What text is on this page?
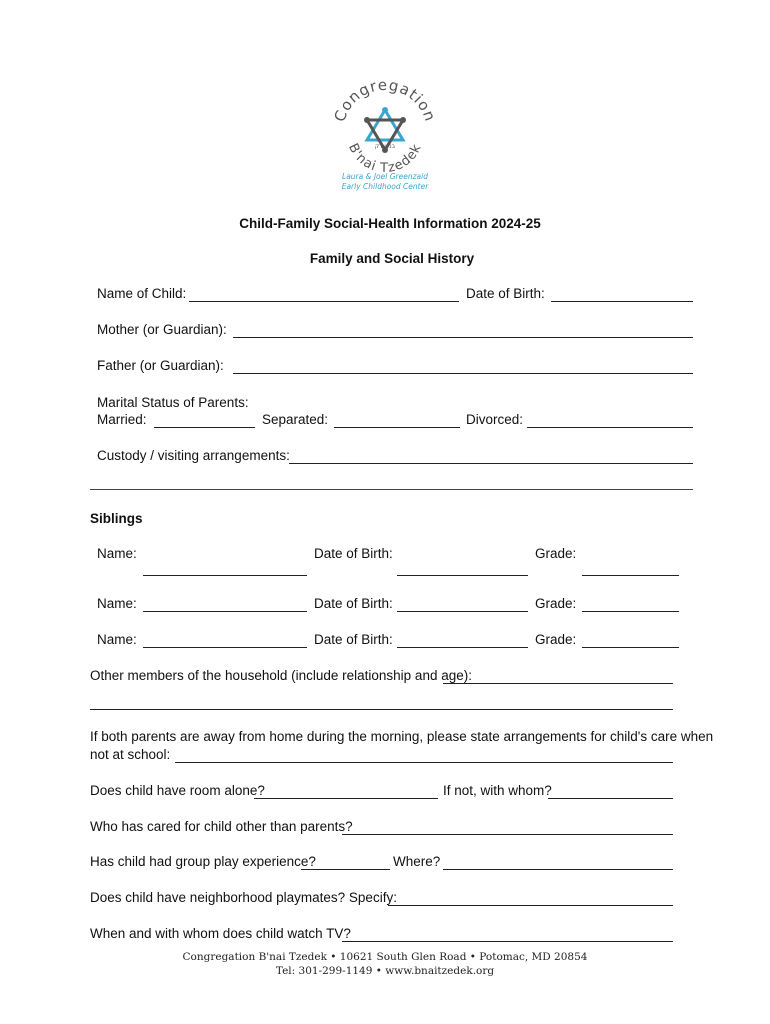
Congregation
B'nai Tzedek
בני צדק
Laura & Joel Greenzaid
Early Childhood Center
Child-Family Social-Health Information 2024-25
Family and Social History
Name of Child:	Date of Birth:
Mother (or Guardian):
Father (or Guardian):
Marital Status of Parents:
Married:	Separated:	Divorced:
Custody / visiting arrangements:
Siblings
Name:	Date of Birth:	Grade:
Name:	Date of Birth:	Grade:
Name:	Date of Birth:	Grade:
Other members of the household (include relationship and age):
If both parents are away from home during the morning, please state arrangements for child's care when
not at school:
Does child have room alone?	If not, with whom?
Who has cared for child other than parents?
Has child had group play experience?	Where?
Does child have neighborhood playmates? Specify:
When and with whom does child watch TV?
Congregation B'nai Tzedek • 10621 South Glen Road • Potomac, MD 20854
Tel: 301-299-1149 • www.bnaitzedek.org
